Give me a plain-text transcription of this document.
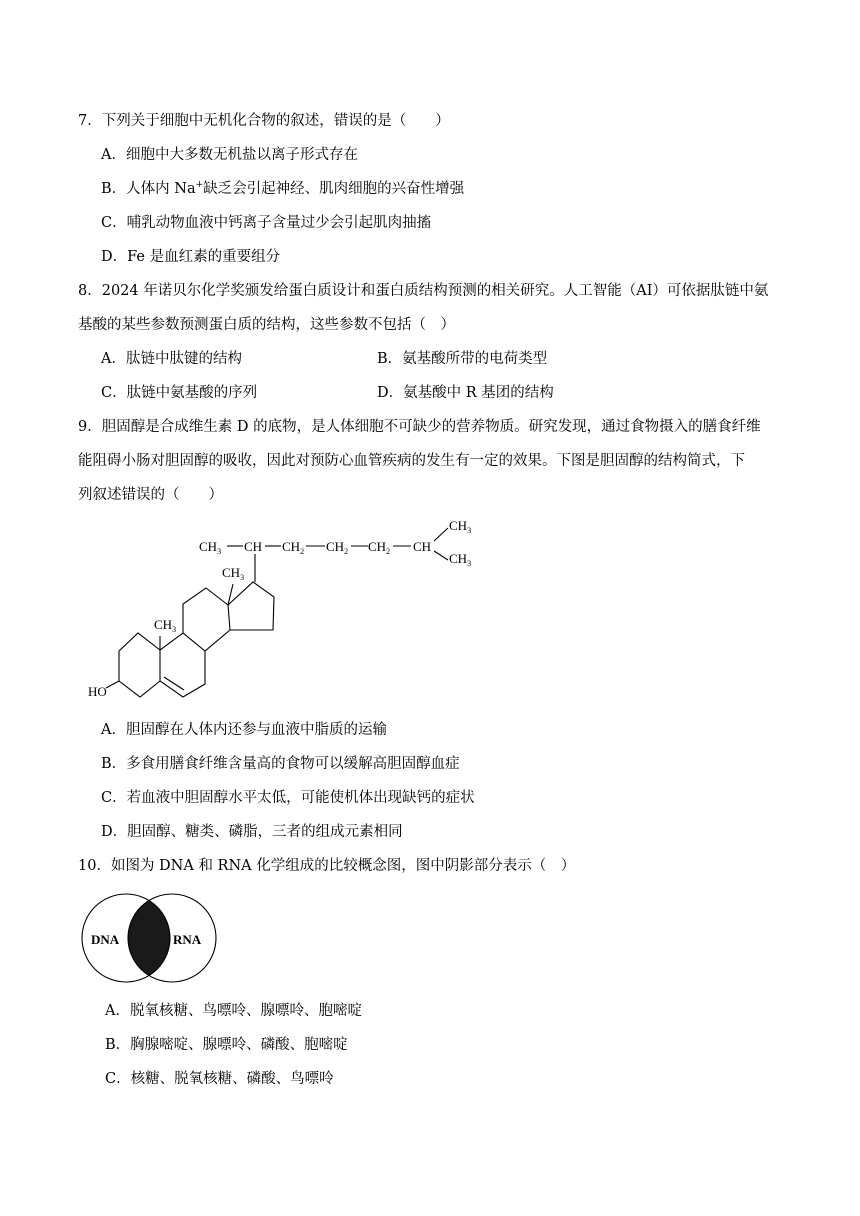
7．下列关于细胞中无机化合物的叙述，错误的是（　　）
A．细胞中大多数无机盐以离子形式存在
B．人体内 Na+缺乏会引起神经、肌肉细胞的兴奋性增强
C．哺乳动物血液中钙离子含量过少会引起肌肉抽搐
D．Fe 是血红素的重要组分
8．2024 年诺贝尔化学奖颁发给蛋白质设计和蛋白质结构预测的相关研究。人工智能（AI）可依据肽链中氨
基酸的某些参数预测蛋白质的结构，这些参数不包括（　）
A．肽链中肽键的结构	B．氨基酸所带的电荷类型
C．肽链中氨基酸的序列	D．氨基酸中 R 基团的结构
9．胆固醇是合成维生素 D 的底物，是人体细胞不可缺少的营养物质。研究发现，通过食物摄入的膳食纤维
能阻碍小肠对胆固醇的吸收，因此对预防心血管疾病的发生有一定的效果。下图是胆固醇的结构简式，下
列叙述错误的（　　）
$CH_3$ CH $CH_2$ $CH_2$ $CH_2$ CH
$CH_3$
$CH_3$
$CH_3$
$CH_3$
HO
A．胆固醇在人体内还参与血液中脂质的运输
B．多食用膳食纤维含量高的食物可以缓解高胆固醇血症
C．若血液中胆固醇水平太低，可能使机体出现缺钙的症状
D．胆固醇、糖类、磷脂，三者的组成元素相同
10．如图为 DNA 和 RNA 化学组成的比较概念图，图中阴影部分表示（　）
DNA	RNA
A．脱氧核糖、鸟嘌呤、腺嘌呤、胞嘧啶
B．胸腺嘧啶、腺嘌呤、磷酸、胞嘧啶
C．核糖、脱氧核糖、磷酸、鸟嘌呤
